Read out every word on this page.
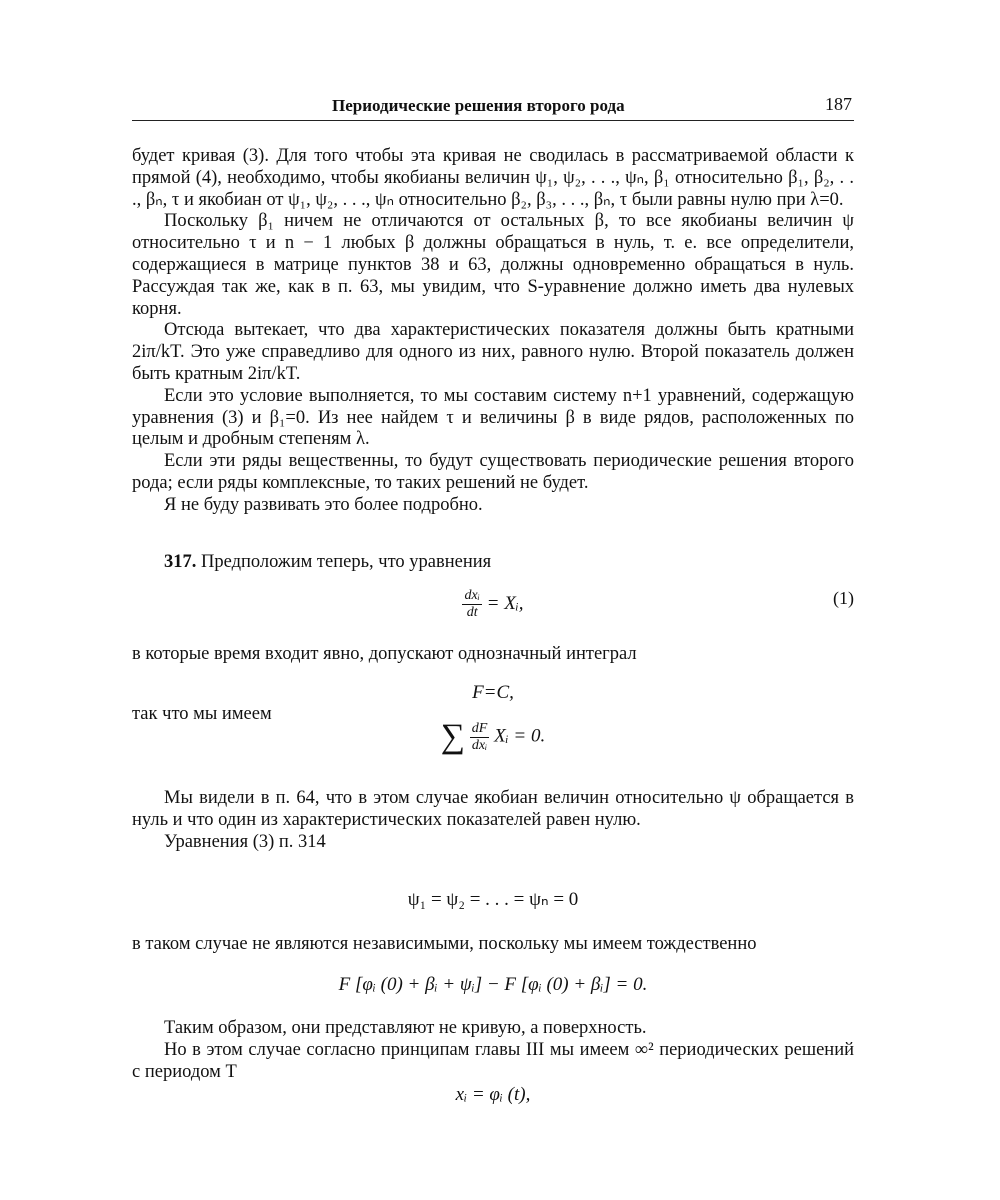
Периодические решения второго рода	187

будет кривая (3). Для того чтобы эта кривая не сводилась в рассматриваемой области к прямой (4), необходимо, чтобы якобианы величин ψ₁, ψ₂, . . ., ψₙ, β₁ относительно β₁, β₂, . . ., βₙ, τ и якобиан от ψ₁, ψ₂, . . ., ψₙ относительно β₂, β₃, . . ., βₙ, τ были равны нулю при λ=0.

Поскольку β₁ ничем не отличаются от остальных β, то все якобианы величин ψ относительно τ и n − 1 любых β должны обращаться в нуль, т. е. все определители, содержащиеся в матрице пунктов 38 и 63, должны одновременно обращаться в нуль. Рассуждая так же, как в п. 63, мы увидим, что S-уравнение должно иметь два нулевых корня.

Отсюда вытекает, что два характеристических показателя должны быть кратными 2iπ/kT. Это уже справедливо для одного из них, равного нулю. Второй показатель должен быть кратным 2iπ/kT.

Если это условие выполняется, то мы составим систему n+1 уравнений, содержащую уравнения (3) и β₁=0. Из нее найдем τ и величины β в виде рядов, расположенных по целым и дробным степеням λ.

Если эти ряды вещественны, то будут существовать периодические решения второго рода; если ряды комплексные, то таких решений не будет.

Я не буду развивать это более подробно.

317. Предположим теперь, что уравнения
$\frac{\text{dxᵢ}}{dt}$ = Xᵢ,	(1)
в которые время входит явно, допускают однозначный интеграл
F=C,
так что мы имеем
∑ $\frac{dF}{\text{dxᵢ}}$ Xᵢ = 0.

Мы видели в п. 64, что в этом случае якобиан величин относительно ψ обращается в нуль и что один из характеристических показателей равен нулю.

Уравнения (3) п. 314

ψ₁ = ψ₂ = . . . = ψₙ = 0

в таком случае не являются независимыми, поскольку мы имеем тождественно

F [φᵢ (0) + βᵢ + ψᵢ] − F [φᵢ (0) + βᵢ] = 0.

Таким образом, они представляют не кривую, а поверхность.

Но в этом случае согласно принципам главы III мы имеем ∞² периодических решений с периодом T

xᵢ = φᵢ (t),
